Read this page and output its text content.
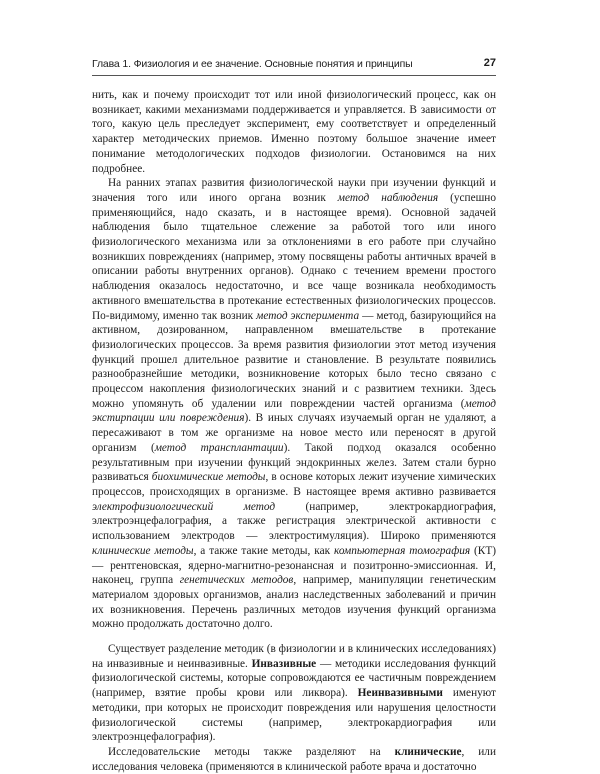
Глава 1. Физиология и ее значение. Основные понятия и принципы	27

нить, как и почему происходит тот или иной физиологический процесс, как он возникает, какими механизмами поддерживается и управляется. В зависимости от того, какую цель преследует эксперимент, ему соответствует и определенный характер методических приемов. Именно поэтому большое значение имеет понимание методологических подходов физиологии. Остановимся на них подробнее.

На ранних этапах развития физиологической науки при изучении функций и значения того или иного органа возник метод наблюдения (успешно применяющийся, надо сказать, и в настоящее время). Основной задачей наблюдения было тщательное слежение за работой того или иного физиологического механизма или за отклонениями в его работе при случайно возникших повреждениях (например, этому посвящены работы античных врачей в описании работы внутренних органов). Однако с течением времени простого наблюдения оказалось недостаточно, и все чаще возникала необходимость активного вмешательства в протекание естественных физиологических процессов. По-видимому, именно так возник метод эксперимента — метод, базирующийся на активном, дозированном, направленном вмешательстве в протекание физиологических процессов. За время развития физиологии этот метод изучения функций прошел длительное развитие и становление. В результате появились разнообразнейшие методики, возникновение которых было тесно связано с процессом накопления физиологических знаний и с развитием техники. Здесь можно упомянуть об удалении или повреждении частей организма (метод экстирпации или повреждения). В иных случаях изучаемый орган не удаляют, а пересаживают в том же организме на новое место или переносят в другой организм (метод трансплантации). Такой подход оказался особенно результативным при изучении функций эндокринных желез. Затем стали бурно развиваться биохимические методы, в основе которых лежит изучение химических процессов, происходящих в организме. В настоящее время активно развивается электрофизиологический метод (например, электрокардиография, электроэнцефалография, а также регистрация электрической активности с использованием электродов — электростимуляция). Широко применяются клинические методы, а также такие методы, как компьютерная томография (КТ) — рентгеновская, ядерно-магнитно-резонансная и позитронно-эмиссионная. И, наконец, группа генетических методов, например, манипуляции генетическим материалом здоровых организмов, анализ наследственных заболеваний и причин их возникновения. Перечень различных методов изучения функций организма можно продолжать достаточно долго.

Существует разделение методик (в физиологии и в клинических исследованиях) на инвазивные и неинвазивные. Инвазивные — методики исследования функций физиологической системы, которые сопровождаются ее частичным повреждением (например, взятие пробы крови или ликвора). Неинвазивными именуют методики, при которых не происходит повреждения или нарушения целостности физиологической системы (например, электрокардиография или электроэнцефалография).

Исследовательские методы также разделяют на клинические, или исследования человека (применяются в клинической работе врача и достаточно
